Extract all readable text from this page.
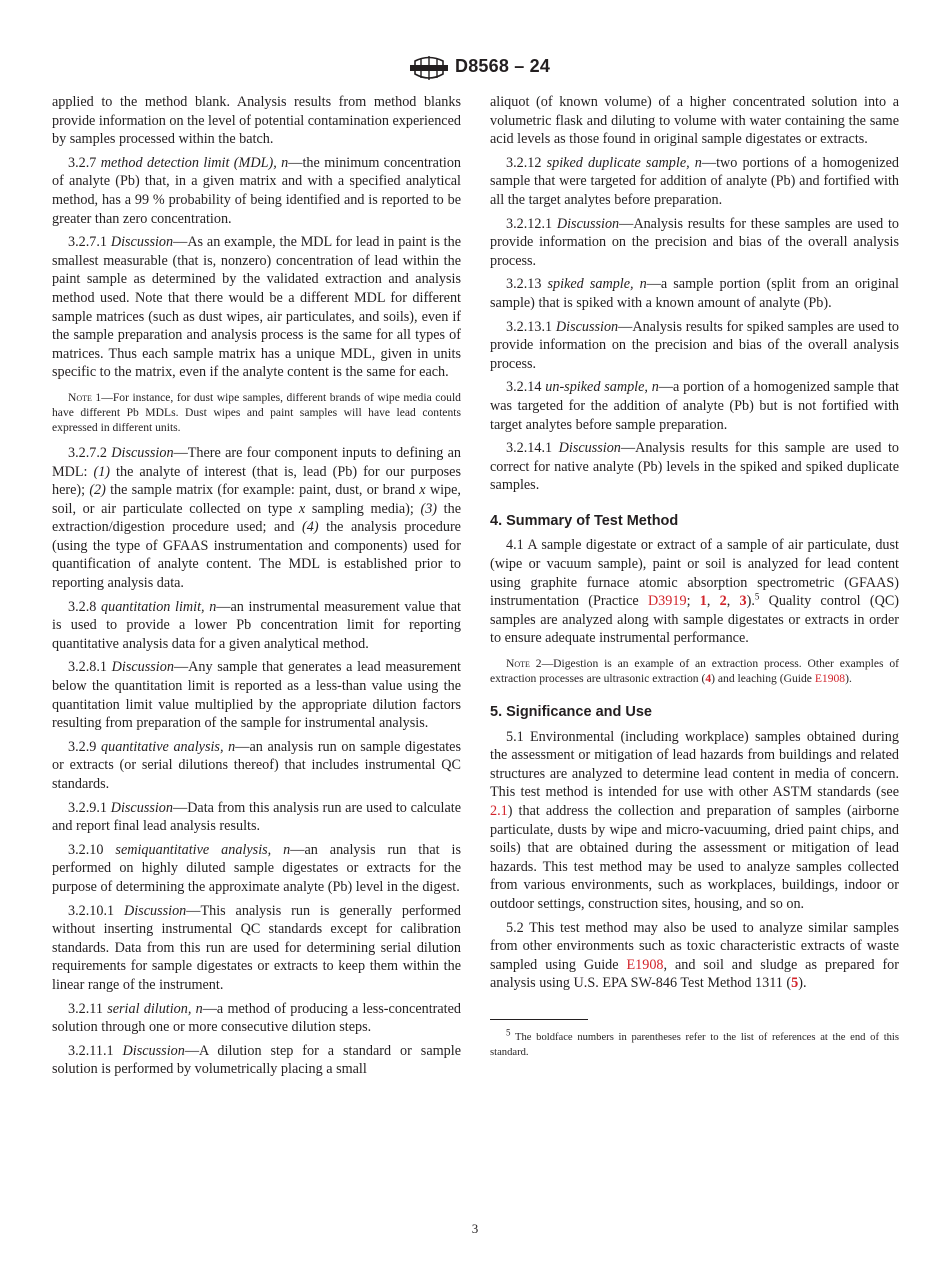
D8568 – 24

applied to the method blank. Analysis results from method blanks provide information on the level of potential contamination experienced by samples processed within the batch.

3.2.7 method detection limit (MDL), n—the minimum concentration of analyte (Pb) that, in a given matrix and with a specified analytical method, has a 99 % probability of being identified and is reported to be greater than zero concentration.

3.2.7.1 Discussion—As an example, the MDL for lead in paint is the smallest measurable (that is, nonzero) concentration of lead within the paint sample as determined by the validated extraction and analysis method used. Note that there would be a different MDL for different sample matrices (such as dust wipes, air particulates, and soils), even if the sample preparation and analysis process is the same for all types of matrices. Thus each sample matrix has a unique MDL, given in units specific to the matrix, even if the analyte content is the same for each.

Note 1—For instance, for dust wipe samples, different brands of wipe media could have different Pb MDLs. Dust wipes and paint samples will have lead contents expressed in different units.

3.2.7.2 Discussion—There are four component inputs to defining an MDL: (1) the analyte of interest (that is, lead (Pb) for our purposes here); (2) the sample matrix (for example: paint, dust, or brand x wipe, soil, or air particulate collected on type x sampling media); (3) the extraction/digestion procedure used; and (4) the analysis procedure (using the type of GFAAS instrumentation and components) used for quantification of analyte content. The MDL is established prior to reporting analysis data.

3.2.8 quantitation limit, n—an instrumental measurement value that is used to provide a lower Pb concentration limit for reporting quantitative analysis data for a given analytical method.

3.2.8.1 Discussion—Any sample that generates a lead measurement below the quantitation limit is reported as a less-than value using the quantitation limit value multiplied by the appropriate dilution factors resulting from preparation of the sample for instrumental analysis.

3.2.9 quantitative analysis, n—an analysis run on sample digestates or extracts (or serial dilutions thereof) that includes instrumental QC standards.

3.2.9.1 Discussion—Data from this analysis run are used to calculate and report final lead analysis results.

3.2.10 semiquantitative analysis, n—an analysis run that is performed on highly diluted sample digestates or extracts for the purpose of determining the approximate analyte (Pb) level in the digest.

3.2.10.1 Discussion—This analysis run is generally performed without inserting instrumental QC standards except for calibration standards. Data from this run are used for determining serial dilution requirements for sample digestates or extracts to keep them within the linear range of the instrument.

3.2.11 serial dilution, n—a method of producing a less-concentrated solution through one or more consecutive dilution steps.

3.2.11.1 Discussion—A dilution step for a standard or sample solution is performed by volumetrically placing a small

aliquot (of known volume) of a higher concentrated solution into a volumetric flask and diluting to volume with water containing the same acid levels as those found in original sample digestates or extracts.

3.2.12 spiked duplicate sample, n—two portions of a homogenized sample that were targeted for addition of analyte (Pb) and fortified with all the target analytes before preparation.

3.2.12.1 Discussion—Analysis results for these samples are used to provide information on the precision and bias of the overall analysis process.

3.2.13 spiked sample, n—a sample portion (split from an original sample) that is spiked with a known amount of analyte (Pb).

3.2.13.1 Discussion—Analysis results for spiked samples are used to provide information on the precision and bias of the overall analysis process.

3.2.14 un-spiked sample, n—a portion of a homogenized sample that was targeted for the addition of analyte (Pb) but is not fortified with target analytes before sample preparation.

3.2.14.1 Discussion—Analysis results for this sample are used to correct for native analyte (Pb) levels in the spiked and spiked duplicate samples.

4. Summary of Test Method

4.1 A sample digestate or extract of a sample of air particulate, dust (wipe or vacuum sample), paint or soil is analyzed for lead content using graphite furnace atomic absorption spectrometric (GFAAS) instrumentation (Practice D3919; 1, 2, 3).$^5$ Quality control (QC) samples are analyzed along with sample digestates or extracts in order to ensure adequate instrumental performance.

Note 2—Digestion is an example of an extraction process. Other examples of extraction processes are ultrasonic extraction (4) and leaching (Guide E1908).

5. Significance and Use

5.1 Environmental (including workplace) samples obtained during the assessment or mitigation of lead hazards from buildings and related structures are analyzed to determine lead content in media of concern. This test method is intended for use with other ASTM standards (see 2.1) that address the collection and preparation of samples (airborne particulate, dusts by wipe and micro-vacuuming, dried paint chips, and soils) that are obtained during the assessment or mitigation of lead hazards. This test method may be used to analyze samples collected from various environments, such as workplaces, buildings, indoor or outdoor settings, construction sites, housing, and so on.

5.2 This test method may also be used to analyze similar samples from other environments such as toxic characteristic extracts of waste sampled using Guide E1908, and soil and sludge as prepared for analysis using U.S. EPA SW-846 Test Method 1311 (5).

$^5$ The boldface numbers in parentheses refer to the list of references at the end of this standard.

3
